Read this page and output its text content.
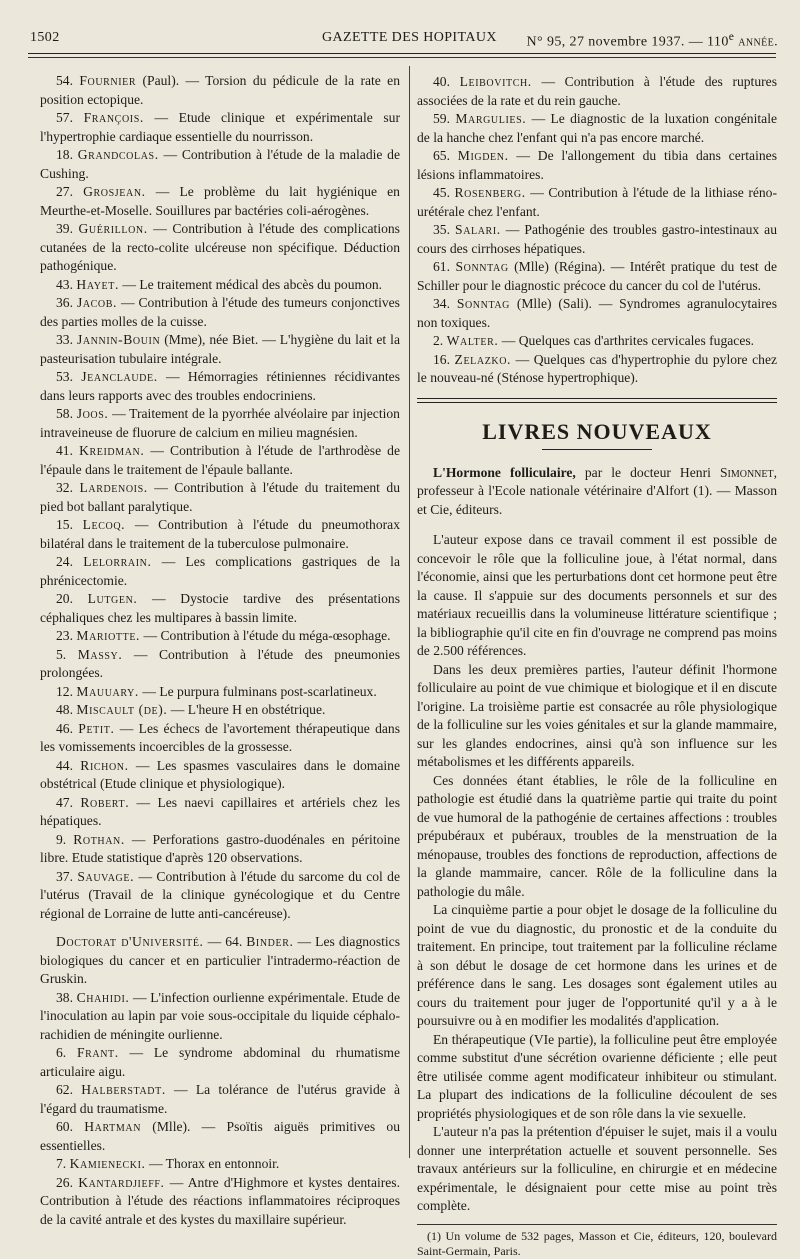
1502	GAZETTE DES HOPITAUX N° 95, 27 novembre 1937. — 110e année.

54. Fournier (Paul). — Torsion du pédicule de la rate en position ectopique.

57. François. — Etude clinique et expérimentale sur l'hypertrophie cardiaque essentielle du nourrisson.

18. Grandcolas. — Contribution à l'étude de la maladie de Cushing.

27. Grosjean. — Le problème du lait hygiénique en Meurthe-et-Moselle. Souillures par bactéries coli-aérogènes.

39. Guérillon. — Contribution à l'étude des complications cutanées de la recto-colite ulcéreuse non spécifique. Déduction pathogénique.

43. Hayet. — Le traitement médical des abcès du poumon.

36. Jacob. — Contribution à l'étude des tumeurs conjonctives des parties molles de la cuisse.

33. Jannin-Bouin (Mme), née Biet. — L'hygiène du lait et la pasteurisation tubulaire intégrale.

53. Jeanclaude. — Hémorragies rétiniennes récidivantes dans leurs rapports avec des troubles endocriniens.

58. Joos. — Traitement de la pyorrhée alvéolaire par injection intraveineuse de fluorure de calcium en milieu magnésien.

41. Kreidman. — Contribution à l'étude de l'arthrodèse de l'épaule dans le traitement de l'épaule ballante.

32. Lardenois. — Contribution à l'étude du traitement du pied bot ballant paralytique.

15. Lecoq. — Contribution à l'étude du pneumothorax bilatéral dans le traitement de la tuberculose pulmonaire.

24. Lelorrain. — Les complications gastriques de la phrénicectomie.

20. Lutgen. — Dystocie tardive des présentations céphaliques chez les multipares à bassin limite.

23. Mariotte. — Contribution à l'étude du méga-œsophage.

5. Massy. — Contribution à l'étude des pneumonies prolongées.

12. Mauuary. — Le purpura fulminans post-scarlatineux.

48. Miscault (de). — L'heure H en obstétrique.

46. Petit. — Les échecs de l'avortement thérapeutique dans les vomissements incoercibles de la grossesse.

44. Richon. — Les spasmes vasculaires dans le domaine obstétrical (Etude clinique et physiologique).

47. Robert. — Les naevi capillaires et artériels chez les hépatiques.

9. Rothan. — Perforations gastro-duodénales en péritoine libre. Etude statistique d'après 120 observations.

37. Sauvage. — Contribution à l'étude du sarcome du col de l'utérus (Travail de la clinique gynécologique et du Centre régional de Lorraine de lutte anti-cancéreuse).

Doctorat d'Université. — 64. Binder. — Les diagnostics biologiques du cancer et en particulier l'intradermo-réaction de Gruskin.

38. Chahidi. — L'infection ourlienne expérimentale. Etude de l'inoculation au lapin par voie sous-occipitale du liquide céphalo-rachidien de méningite ourlienne.

6. Frant. — Le syndrome abdominal du rhumatisme articulaire aigu.

62. Halberstadt. — La tolérance de l'utérus gravide à l'égard du traumatisme.

60. Hartman (Mlle). — Psoïtis aiguës primitives ou essentielles.

7. Kamienecki. — Thorax en entonnoir.

26. Kantardjieff. — Antre d'Highmore et kystes dentaires. Contribution à l'étude des réactions inflammatoires réciproques de la cavité antrale et des kystes du maxillaire supérieur.

40. Leibovitch. — Contribution à l'étude des ruptures associées de la rate et du rein gauche.

59. Margulies. — Le diagnostic de la luxation congénitale de la hanche chez l'enfant qui n'a pas encore marché.

65. Migden. — De l'allongement du tibia dans certaines lésions inflammatoires.

45. Rosenberg. — Contribution à l'étude de la lithiase réno-urétérale chez l'enfant.

35. Salari. — Pathogénie des troubles gastro-intestinaux au cours des cirrhoses hépatiques.

61. Sonntag (Mlle) (Régina). — Intérêt pratique du test de Schiller pour le diagnostic précoce du cancer du col de l'utérus.

34. Sonntag (Mlle) (Sali). — Syndromes agranulocytaires non toxiques.

2. Walter. — Quelques cas d'arthrites cervicales fugaces.

16. Zelazko. — Quelques cas d'hypertrophie du pylore chez le nouveau-né (Sténose hypertrophique).

LIVRES NOUVEAUX

L'Hormone folliculaire, par le docteur Henri Simonnet, professeur à l'Ecole nationale vétérinaire d'Alfort (1). — Masson et Cie, éditeurs.

L'auteur expose dans ce travail comment il est possible de concevoir le rôle que la folliculine joue, à l'état normal, dans l'économie, ainsi que les perturbations dont cet hormone peut être la cause. Il s'appuie sur des documents personnels et sur des matériaux recueillis dans la volumineuse littérature scientifique ; la bibliographie qu'il cite en fin d'ouvrage ne comprend pas moins de 2.500 références.

Dans les deux premières parties, l'auteur définit l'hormone folliculaire au point de vue chimique et biologique et il en discute l'origine. La troisième partie est consacrée au rôle physiologique de la folliculine sur les voies génitales et sur la glande mammaire, sur les glandes endocrines, ainsi qu'à son influence sur les métabolismes et les différents appareils.

Ces données étant établies, le rôle de la folliculine en pathologie est étudié dans la quatrième partie qui traite du point de vue humoral de la pathogénie de certaines affections : troubles prépubéraux et pubéraux, troubles de la menstruation de la ménopause, troubles des fonctions de reproduction, affections de la glande mammaire, cancer. Rôle de la folliculine dans la pathologie du mâle.

La cinquième partie a pour objet le dosage de la folliculine du point de vue du diagnostic, du pronostic et de la conduite du traitement. En principe, tout traitement par la folliculine réclame à son début le dosage de cet hormone dans les urines et de préférence dans le sang. Les dosages sont également utiles au cours du traitement pour juger de l'opportunité qu'il y a à le poursuivre ou à en modifier les modalités d'application.

En thérapeutique (VIe partie), la folliculine peut être employée comme substitut d'une sécrétion ovarienne déficiente ; elle peut être utilisée comme agent modificateur inhibiteur ou stimulant. La plupart des indications de la folliculine découlent de ses propriétés physiologiques et de son rôle dans la vie sexuelle.

L'auteur n'a pas la prétention d'épuiser le sujet, mais il a voulu donner une interprétation actuelle et souvent personnelle. Ses travaux antérieurs sur la folliculine, en chirurgie et en médecine expérimentale, le désignaient pour cette mise au point très complète.

(1) Un volume de 532 pages, Masson et Cie, éditeurs, 120, boulevard Saint-Germain, Paris.
